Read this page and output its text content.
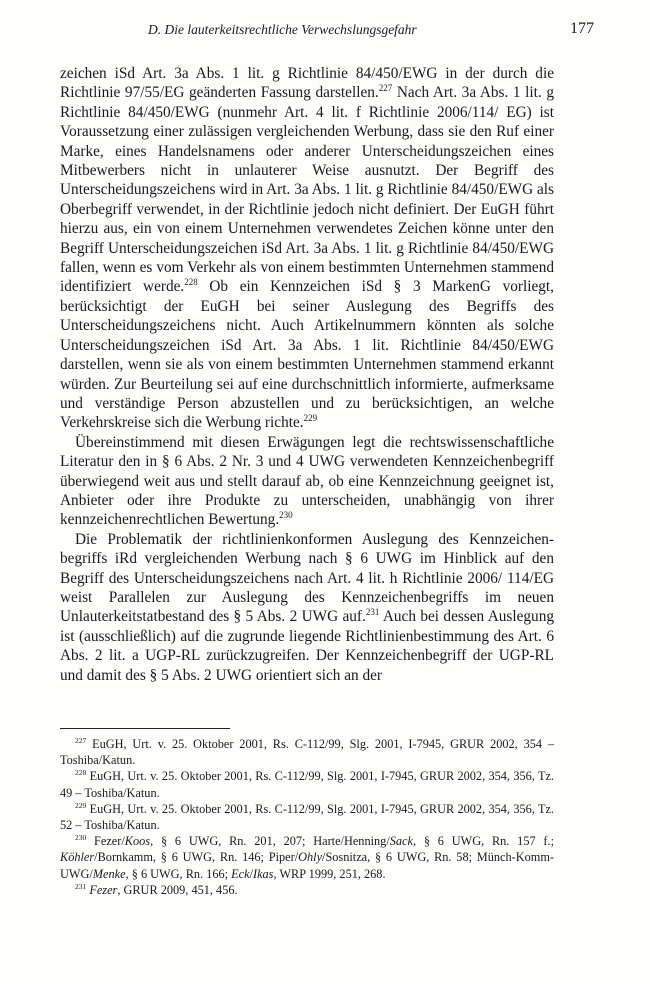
D. Die lauterkeitsrechtliche Verwechslungsgefahr	177

zeichen iSd Art. 3a Abs. 1 lit. g Richtlinie 84/450/EWG in der durch die Richtlinie 97/55/EG geänderten Fassung darstellen.$^{227}$ Nach Art. 3a Abs. 1 lit. g Richtlinie 84/450/EWG (nunmehr Art. 4 lit. f Richtlinie 2006/114/ EG) ist Voraussetzung einer zulässigen vergleichenden Werbung, dass sie den Ruf einer Marke, eines Handelsnamens oder anderer Unterscheidungszeichen eines Mitbewerbers nicht in unlauterer Weise ausnutzt. Der Begriff des Unterscheidungszeichens wird in Art. 3a Abs. 1 lit. g Richtlinie 84/450/EWG als Oberbegriff verwendet, in der Richtlinie jedoch nicht definiert. Der EuGH führt hierzu aus, ein von einem Unternehmen verwendetes Zeichen könne unter den Begriff Unterscheidungszeichen iSd Art. 3a Abs. 1 lit. g Richtlinie 84/450/EWG fallen, wenn es vom Verkehr als von einem bestimmten Unternehmen stammend identifiziert werde.$^{228}$ Ob ein Kennzeichen iSd § 3 MarkenG vorliegt, berücksichtigt der EuGH bei seiner Auslegung des Begriffs des Unterscheidungszeichens nicht. Auch Artikelnummern könnten als solche Unterscheidungszeichen iSd Art. 3a Abs. 1 lit. Richtlinie 84/450/EWG darstellen, wenn sie als von einem bestimmten Unternehmen stammend erkannt würden. Zur Beurteilung sei auf eine durchschnittlich informierte, aufmerksame und verständige Person abzustellen und zu berücksichtigen, an welche Verkehrskreise sich die Werbung richte.$^{229}$

Übereinstimmend mit diesen Erwägungen legt die rechtswissenschaftliche Literatur den in § 6 Abs. 2 Nr. 3 und 4 UWG verwendeten Kennzeichenbegriff überwiegend weit aus und stellt darauf ab, ob eine Kennzeichnung geeignet ist, Anbieter oder ihre Produkte zu unterscheiden, unabhängig von ihrer kennzeichenrechtlichen Bewertung.$^{230}$

Die Problematik der richtlinienkonformen Auslegung des Kennzeichenbegriffs iRd vergleichenden Werbung nach § 6 UWG im Hinblick auf den Begriff des Unterscheidungszeichens nach Art. 4 lit. h Richtlinie 2006/ 114/EG weist Parallelen zur Auslegung des Kennzeichenbegriffs im neuen Unlauterkeitstatbestand des § 5 Abs. 2 UWG auf.$^{231}$ Auch bei dessen Auslegung ist (ausschließlich) auf die zugrunde liegende Richtlinienbestimmung des Art. 6 Abs. 2 lit. a UGP-RL zurückzugreifen. Der Kennzeichenbegriff der UGP-RL und damit des § 5 Abs. 2 UWG orientiert sich an der

$^{227}$ EuGH, Urt. v. 25. Oktober 2001, Rs. C-112/99, Slg. 2001, I-7945, GRUR 2002, 354 – Toshiba/Katun.

$^{228}$ EuGH, Urt. v. 25. Oktober 2001, Rs. C-112/99, Slg. 2001, I-7945, GRUR 2002, 354, 356, Tz. 49 – Toshiba/Katun.

$^{229}$ EuGH, Urt. v. 25. Oktober 2001, Rs. C-112/99, Slg. 2001, I-7945, GRUR 2002, 354, 356, Tz. 52 – Toshiba/Katun.

$^{230}$ Fezer/Koos, § 6 UWG, Rn. 201, 207; Harte/Henning/Sack, § 6 UWG, Rn. 157 f.; Köhler/Bornkamm, § 6 UWG, Rn. 146; Piper/Ohly/Sosnitza, § 6 UWG, Rn. 58; Münch-Komm-UWG/Menke, § 6 UWG, Rn. 166; Eck/Ikas, WRP 1999, 251, 268.

$^{231}$ Fezer, GRUR 2009, 451, 456.
